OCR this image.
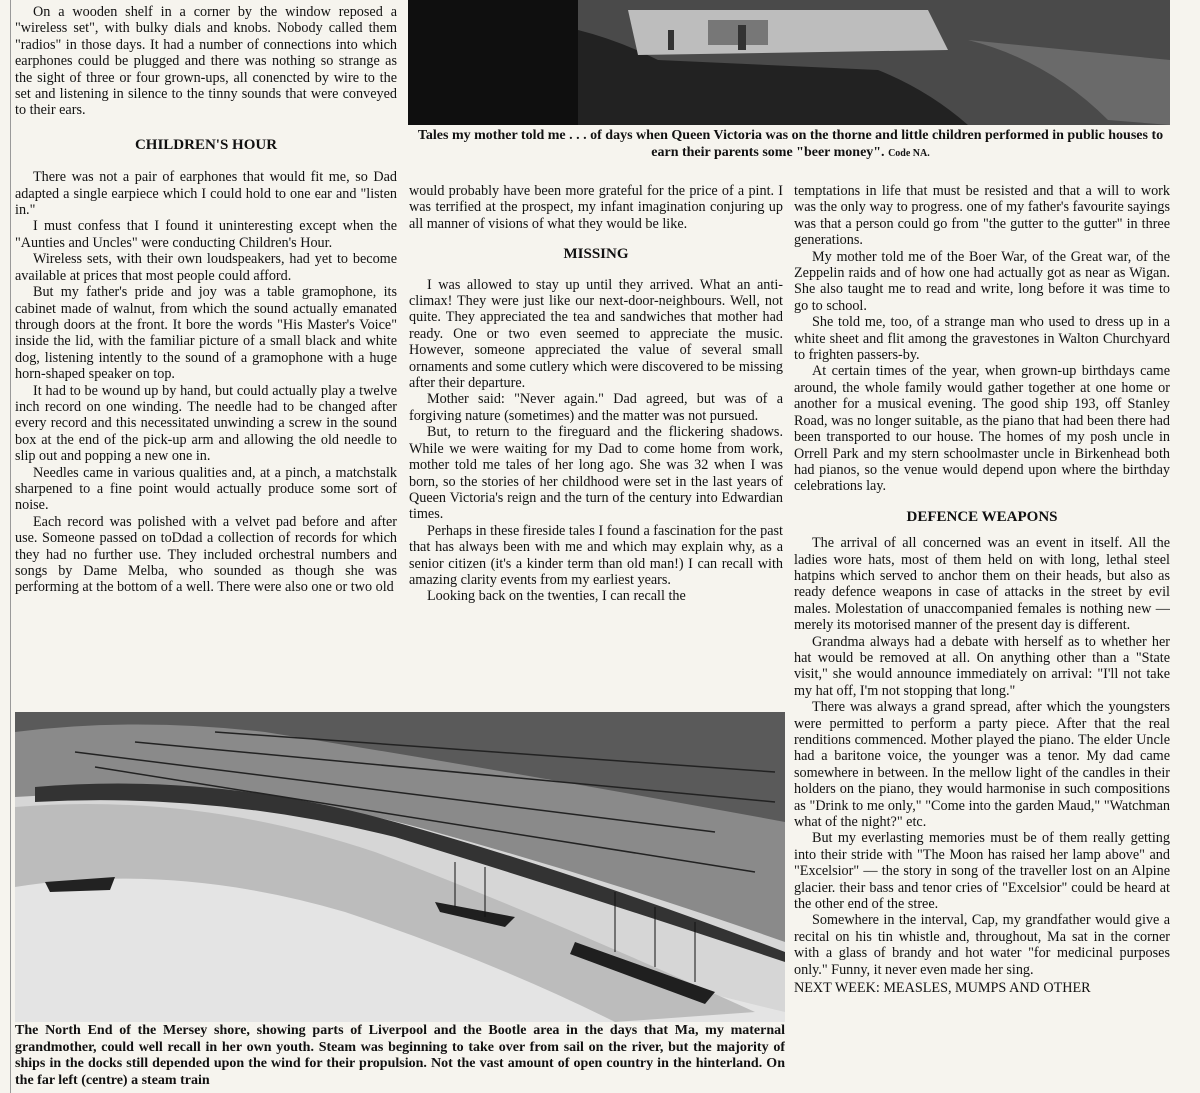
Tales my mother told me . . . of days when Queen Victoria was on the thorne and little children performed in public houses to earn their parents some "beer money". Code NA.

On a wooden shelf in a corner by the window reposed a "wireless set", with bulky dials and knobs. Nobody called them "radios" in those days. It had a number of connections into which earphones could be plugged and there was nothing so strange as the sight of three or four grown-ups, all conencted by wire to the set and listening in silence to the tinny sounds that were conveyed to their ears.

CHILDREN'S HOUR

There was not a pair of earphones that would fit me, so Dad adapted a single earpiece which I could hold to one ear and "listen in."

I must confess that I found it uninteresting except when the "Aunties and Uncles" were conducting Children's Hour.

Wireless sets, with their own loudspeakers, had yet to become available at prices that most people could afford.

But my father's pride and joy was a table gramophone, its cabinet made of walnut, from which the sound actually emanated through doors at the front. It bore the words "His Master's Voice" inside the lid, with the familiar picture of a small black and white dog, listening intently to the sound of a gramophone with a huge horn-shaped speaker on top.

It had to be wound up by hand, but could actually play a twelve inch record on one winding. The needle had to be changed after every record and this necessitated unwinding a screw in the sound box at the end of the pick-up arm and allowing the old needle to slip out and popping a new one in.

Needles came in various qualities and, at a pinch, a matchstalk sharpened to a fine point would actually produce some sort of noise.

Each record was polished with a velvet pad before and after use. Someone passed on toDdad a collection of records for which they had no further use. They included orchestral numbers and songs by Dame Melba, who sounded as though she was performing at the bottom of a well. There were also one or two old

would probably have been more grateful for the price of a pint. I was terrified at the prospect, my infant imagination conjuring up all manner of visions of what they would be like.

MISSING

I was allowed to stay up until they arrived. What an anti-climax! They were just like our next-door-neighbours. Well, not quite. They appreciated the tea and sandwiches that mother had ready. One or two even seemed to appreciate the music. However, someone appreciated the value of several small ornaments and some cutlery which were discovered to be missing after their departure.

Mother said: "Never again." Dad agreed, but was of a forgiving nature (sometimes) and the matter was not pursued.

But, to return to the fireguard and the flickering shadows. While we were waiting for my Dad to come home from work, mother told me tales of her long ago. She was 32 when I was born, so the stories of her childhood were set in the last years of Queen Victoria's reign and the turn of the century into Edwardian times.

Perhaps in these fireside tales I found a fascination for the past that has always been with me and which may explain why, as a senior citizen (it's a kinder term than old man!) I can recall with amazing clarity events from my earliest years.

Looking back on the twenties, I can recall the

temptations in life that must be resisted and that a will to work was the only way to progress. one of my father's favourite sayings was that a person could go from "the gutter to the gutter" in three generations.

My mother told me of the Boer War, of the Great war, of the Zeppelin raids and of how one had actually got as near as Wigan. She also taught me to read and write, long before it was time to go to school.

She told me, too, of a strange man who used to dress up in a white sheet and flit among the gravestones in Walton Churchyard to frighten passers-by.

At certain times of the year, when grown-up birthdays came around, the whole family would gather together at one home or another for a musical evening. The good ship 193, off Stanley Road, was no longer suitable, as the piano that had been there had been transported to our house. The homes of my posh uncle in Orrell Park and my stern schoolmaster uncle in Birkenhead both had pianos, so the venue would depend upon where the birthday celebrations lay.

DEFENCE WEAPONS

The arrival of all concerned was an event in itself. All the ladies wore hats, most of them held on with long, lethal steel hatpins which served to anchor them on their heads, but also as ready defence weapons in case of attacks in the street by evil males. Molestation of unaccompanied females is nothing new — merely its motorised manner of the present day is different.

Grandma always had a debate with herself as to whether her hat would be removed at all. On anything other than a "State visit," she would announce immediately on arrival: "I'll not take my hat off, I'm not stopping that long."

There was always a grand spread, after which the youngsters were permitted to perform a party piece. After that the real renditions commenced. Mother played the piano. The elder Uncle had a baritone voice, the younger was a tenor. My dad came somewhere in between. In the mellow light of the candles in their holders on the piano, they would harmonise in such compositions as "Drink to me only," "Come into the garden Maud," "Watchman what of the night?" etc.

But my everlasting memories must be of them really getting into their stride with "The Moon has raised her lamp above" and "Excelsior" — the story in song of the traveller lost on an Alpine glacier. their bass and tenor cries of "Excelsior" could be heard at the other end of the stree.

Somewhere in the interval, Cap, my grandfather would give a recital on his tin whistle and, throughout, Ma sat in the corner with a glass of brandy and hot water "for medicinal purposes only." Funny, it never even made her sing.

NEXT WEEK: MEASLES, MUMPS AND OTHER

The North End of the Mersey shore, showing parts of Liverpool and the Bootle area in the days that Ma, my maternal grandmother, could well recall in her own youth. Steam was beginning to take over from sail on the river, but the majority of ships in the docks still depended upon the wind for their propulsion. Not the vast amount of open country in the hinterland. On the far left (centre) a steam train
